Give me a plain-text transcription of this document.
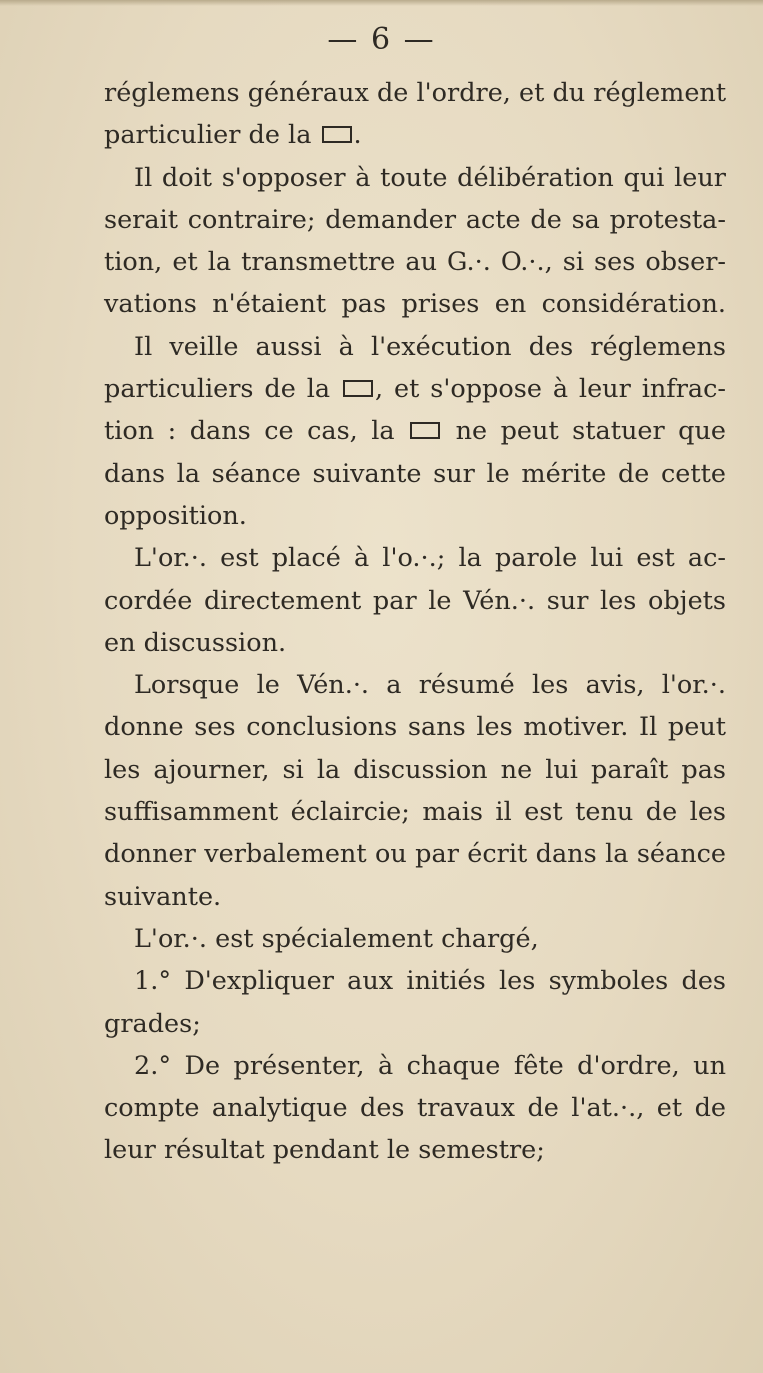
— 6 —
réglemens généraux de l'ordre, et du réglement
particulier de la .
Il doit s'opposer à toute délibération qui leur
serait contraire; demander acte de sa protesta-
tion, et la transmettre au G.·. O.·., si ses obser-
vations n'étaient pas prises en considération.
Il veille aussi à l'exécution des réglemens
particuliers de la , et s'oppose à leur infrac-
tion : dans ce cas, la  ne peut statuer que
dans la séance suivante sur le mérite de cette
opposition.
L'or.·. est placé à l'o.·.; la parole lui est ac-
cordée directement par le Vén.·. sur les objets
en discussion.
Lorsque le Vén.·. a résumé les avis, l'or.·.
donne ses conclusions sans les motiver. Il peut
les ajourner, si la discussion ne lui paraît pas
suffisamment éclaircie; mais il est tenu de les
donner verbalement ou par écrit dans la séance
suivante.
L'or.·. est spécialement chargé,
1.° D'expliquer aux initiés les symboles des
grades;
2.° De présenter, à chaque fête d'ordre, un
compte analytique des travaux de l'at.·., et de
leur résultat pendant le semestre;
